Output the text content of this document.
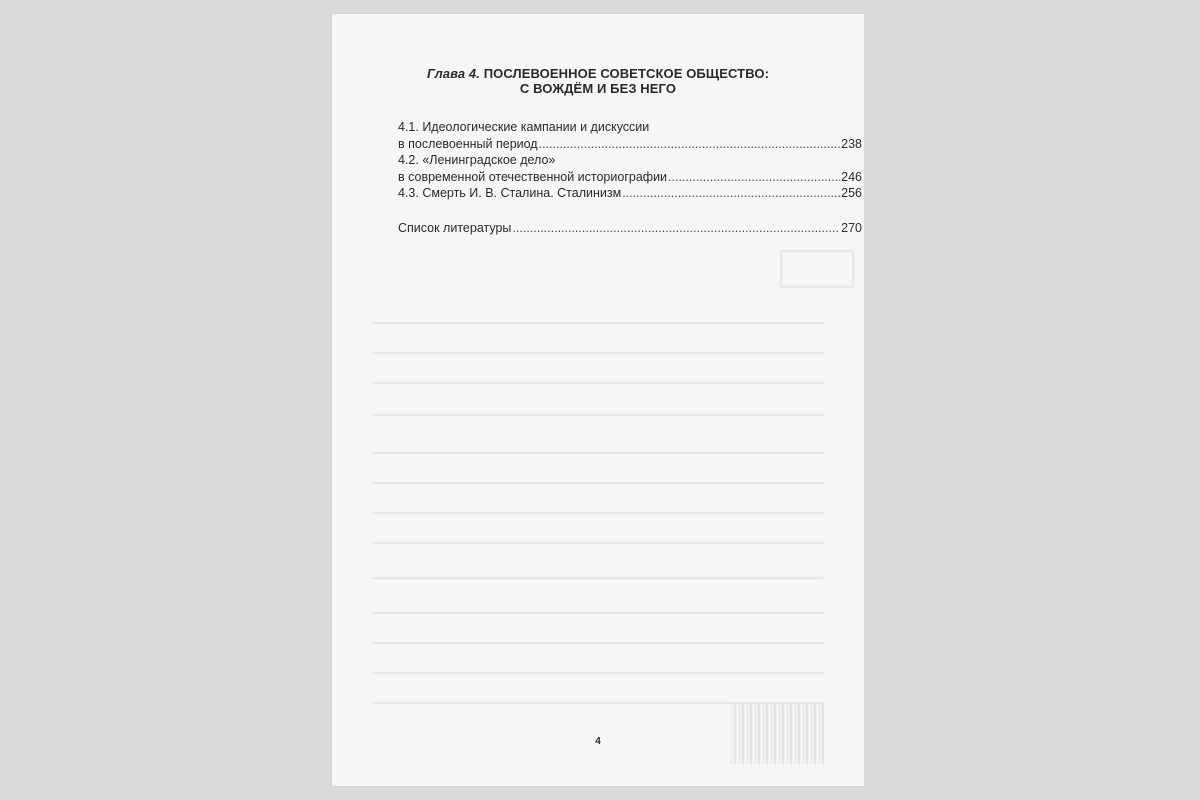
Глава 4. ПОСЛЕВОЕННОЕ СОВЕТСКОЕ ОБЩЕСТВО:
С ВОЖДЁМ И БЕЗ НЕГО
4.1. Идеологические кампании и дискуссии
в послевоенный период .....	238
4.2. «Ленинградское дело»
в современной отечественной историографии .....	246
4.3. Смерть И. В. Сталина. Сталинизм .....	256
Список литературы .....	270
4
